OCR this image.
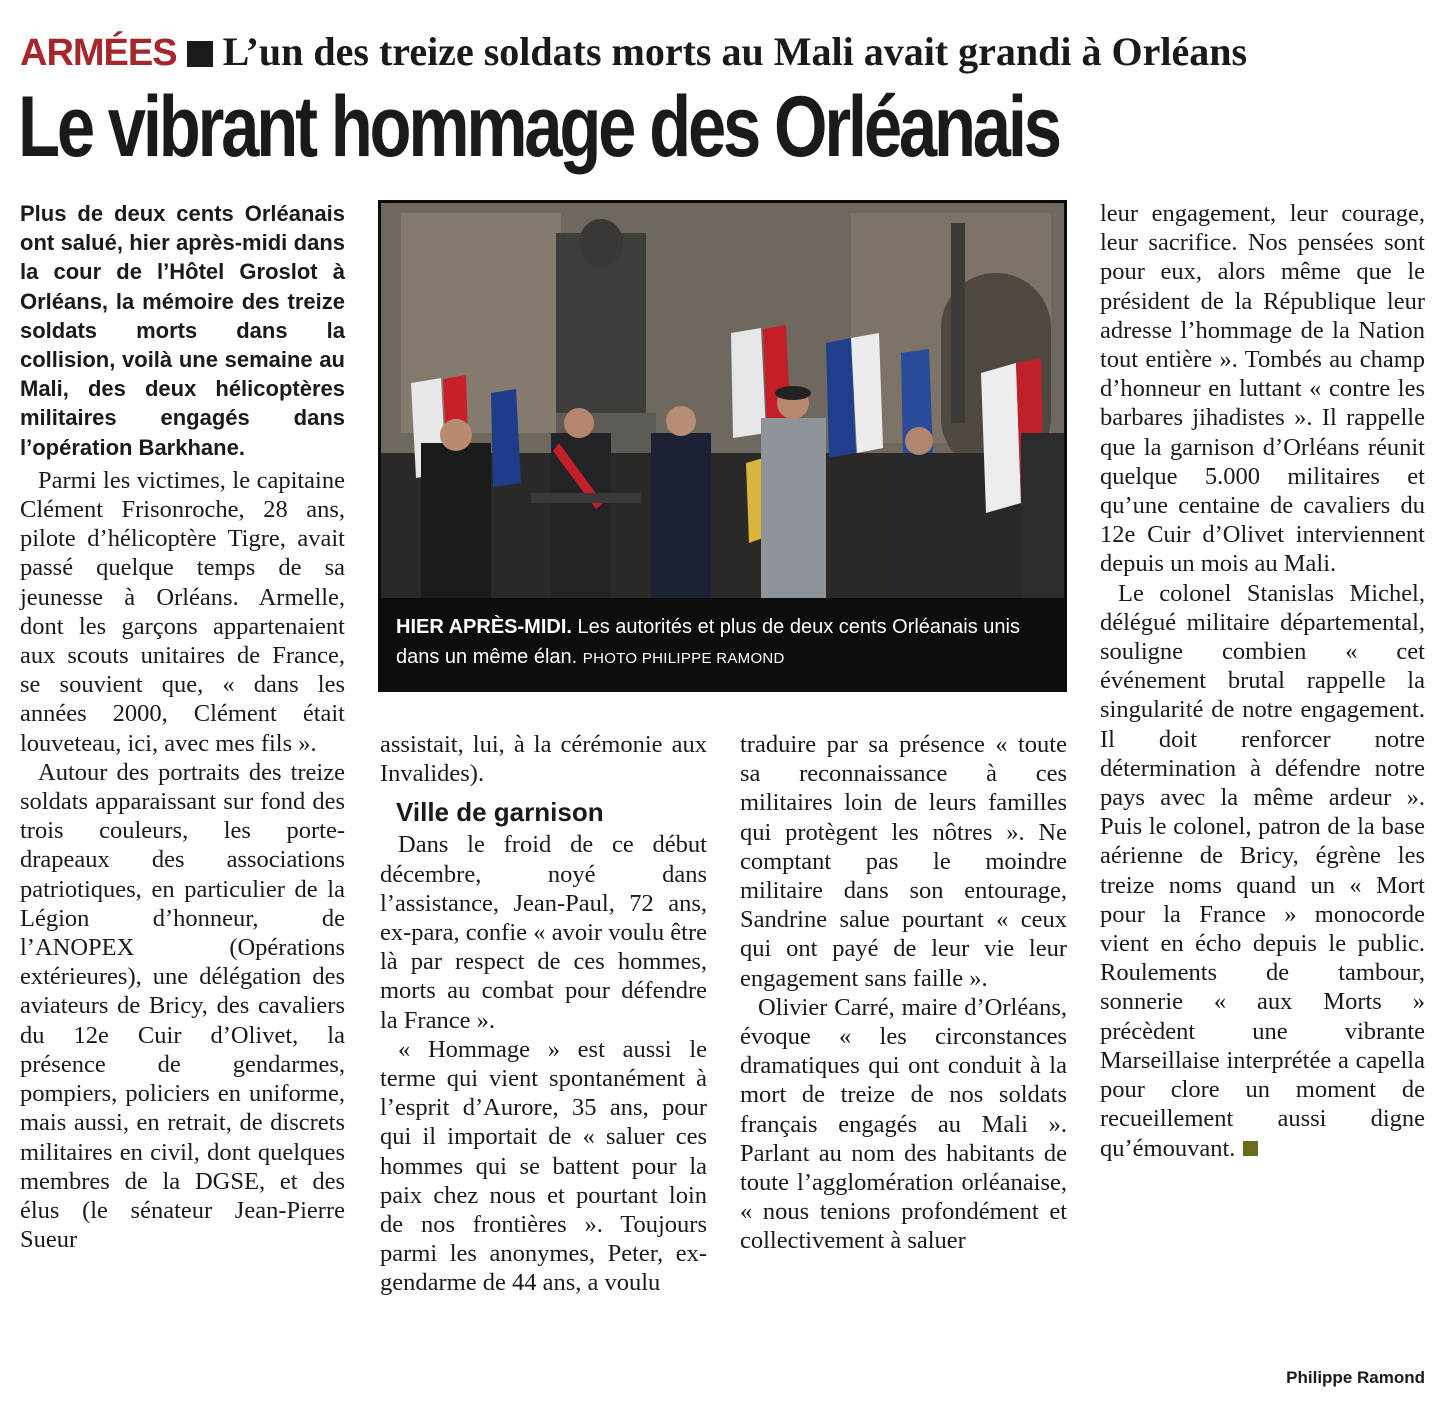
ARMÉES L’un des treize soldats morts au Mali avait grandi à Orléans
Le vibrant hommage des Orléanais

Plus de deux cents Orléanais ont salué, hier après-midi dans la cour de l’Hôtel Groslot à Orléans, la mémoire des treize soldats morts dans la collision, voilà une semaine au Mali, des deux hélicoptères militaires engagés dans l’opération Barkhane.

Parmi les victimes, le capitaine Clément Frisonroche, 28 ans, pilote d’hélicoptère Tigre, avait passé quelque temps de sa jeunesse à Orléans. Armelle, dont les garçons appartenaient aux scouts unitaires de France, se souvient que, « dans les années 2000, Clément était louveteau, ici, avec mes fils ».

Autour des portraits des treize soldats apparaissant sur fond des trois couleurs, les porte-drapeaux des associations patriotiques, en particulier de la Légion d’honneur, de l’ANOPEX (Opérations extérieures), une délégation des aviateurs de Bricy, des cavaliers du 12e Cuir d’Olivet, la présence de gendarmes, pompiers, policiers en uniforme, mais aussi, en retrait, de discrets militaires en civil, dont quelques membres de la DGSE, et des élus (le sénateur Jean-Pierre Sueur

HIER APRÈS-MIDI. Les autorités et plus de deux cents Orléanais unis dans un même élan. PHOTO PHILIPPE RAMOND

assistait, lui, à la cérémonie aux Invalides).

Ville de garnison

Dans le froid de ce début décembre, noyé dans l’assistance, Jean-Paul, 72 ans, ex-para, confie « avoir voulu être là par respect de ces hommes, morts au combat pour défendre la France ».

« Hommage » est aussi le terme qui vient spontanément à l’esprit d’Aurore, 35 ans, pour qui il importait de « saluer ces hommes qui se battent pour la paix chez nous et pourtant loin de nos frontières ». Toujours parmi les anonymes, Peter, ex-gendarme de 44 ans, a voulu

traduire par sa présence « toute sa reconnaissance à ces militaires loin de leurs familles qui protègent les nôtres ». Ne comptant pas le moindre militaire dans son entourage, Sandrine salue pourtant « ceux qui ont payé de leur vie leur engagement sans faille ».

Olivier Carré, maire d’Orléans, évoque « les circonstances dramatiques qui ont conduit à la mort de treize de nos soldats français engagés au Mali ». Parlant au nom des habitants de toute l’agglomération orléanaise, « nous tenions profondément et collectivement à saluer

leur engagement, leur courage, leur sacrifice. Nos pensées sont pour eux, alors même que le président de la République leur adresse l’hommage de la Nation tout entière ». Tombés au champ d’honneur en luttant « contre les barbares jihadistes ». Il rappelle que la garnison d’Orléans réunit quelque 5.000 militaires et qu’une centaine de cavaliers du 12e Cuir d’Olivet interviennent depuis un mois au Mali.

Le colonel Stanislas Michel, délégué militaire départemental, souligne combien « cet événement brutal rappelle la singularité de notre engagement. Il doit renforcer notre détermination à défendre notre pays avec la même ardeur ». Puis le colonel, patron de la base aérienne de Bricy, égrène les treize noms quand un « Mort pour la France » monocorde vient en écho depuis le public. Roulements de tambour, sonnerie « aux Morts » précèdent une vibrante Marseillaise interprétée a capella pour clore un moment de recueillement aussi digne qu’émouvant.

Philippe Ramond
